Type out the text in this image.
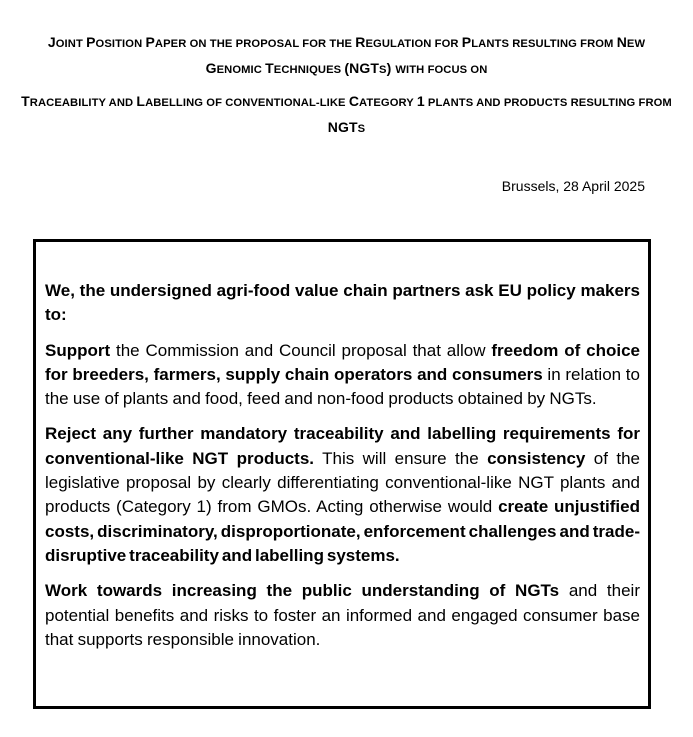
JOINT POSITION PAPER ON THE PROPOSAL FOR THE REGULATION FOR PLANTS RESULTING FROM NEW GENOMIC TECHNIQUES (NGTS) WITH FOCUS ON
TRACEABILITY AND LABELLING OF CONVENTIONAL-LIKE CATEGORY 1 PLANTS AND PRODUCTS RESULTING FROM NGTS
Brussels, 28 April 2025

We, the undersigned agri-food value chain partners ask EU policy makers to:

Support the Commission and Council proposal that allow freedom of choice for breeders, farmers, supply chain operators and consumers in relation to the use of plants and food, feed and non-food products obtained by NGTs.

Reject any further mandatory traceability and labelling requirements for conventional-like NGT products. This will ensure the consistency of the legislative proposal by clearly differentiating conventional-like NGT plants and products (Category 1) from GMOs. Acting otherwise would create unjustified costs, discriminatory, disproportionate, enforcement challenges and trade-disruptive traceability and labelling systems.

Work towards increasing the public understanding of NGTs and their potential benefits and risks to foster an informed and engaged consumer base that supports responsible innovation.
